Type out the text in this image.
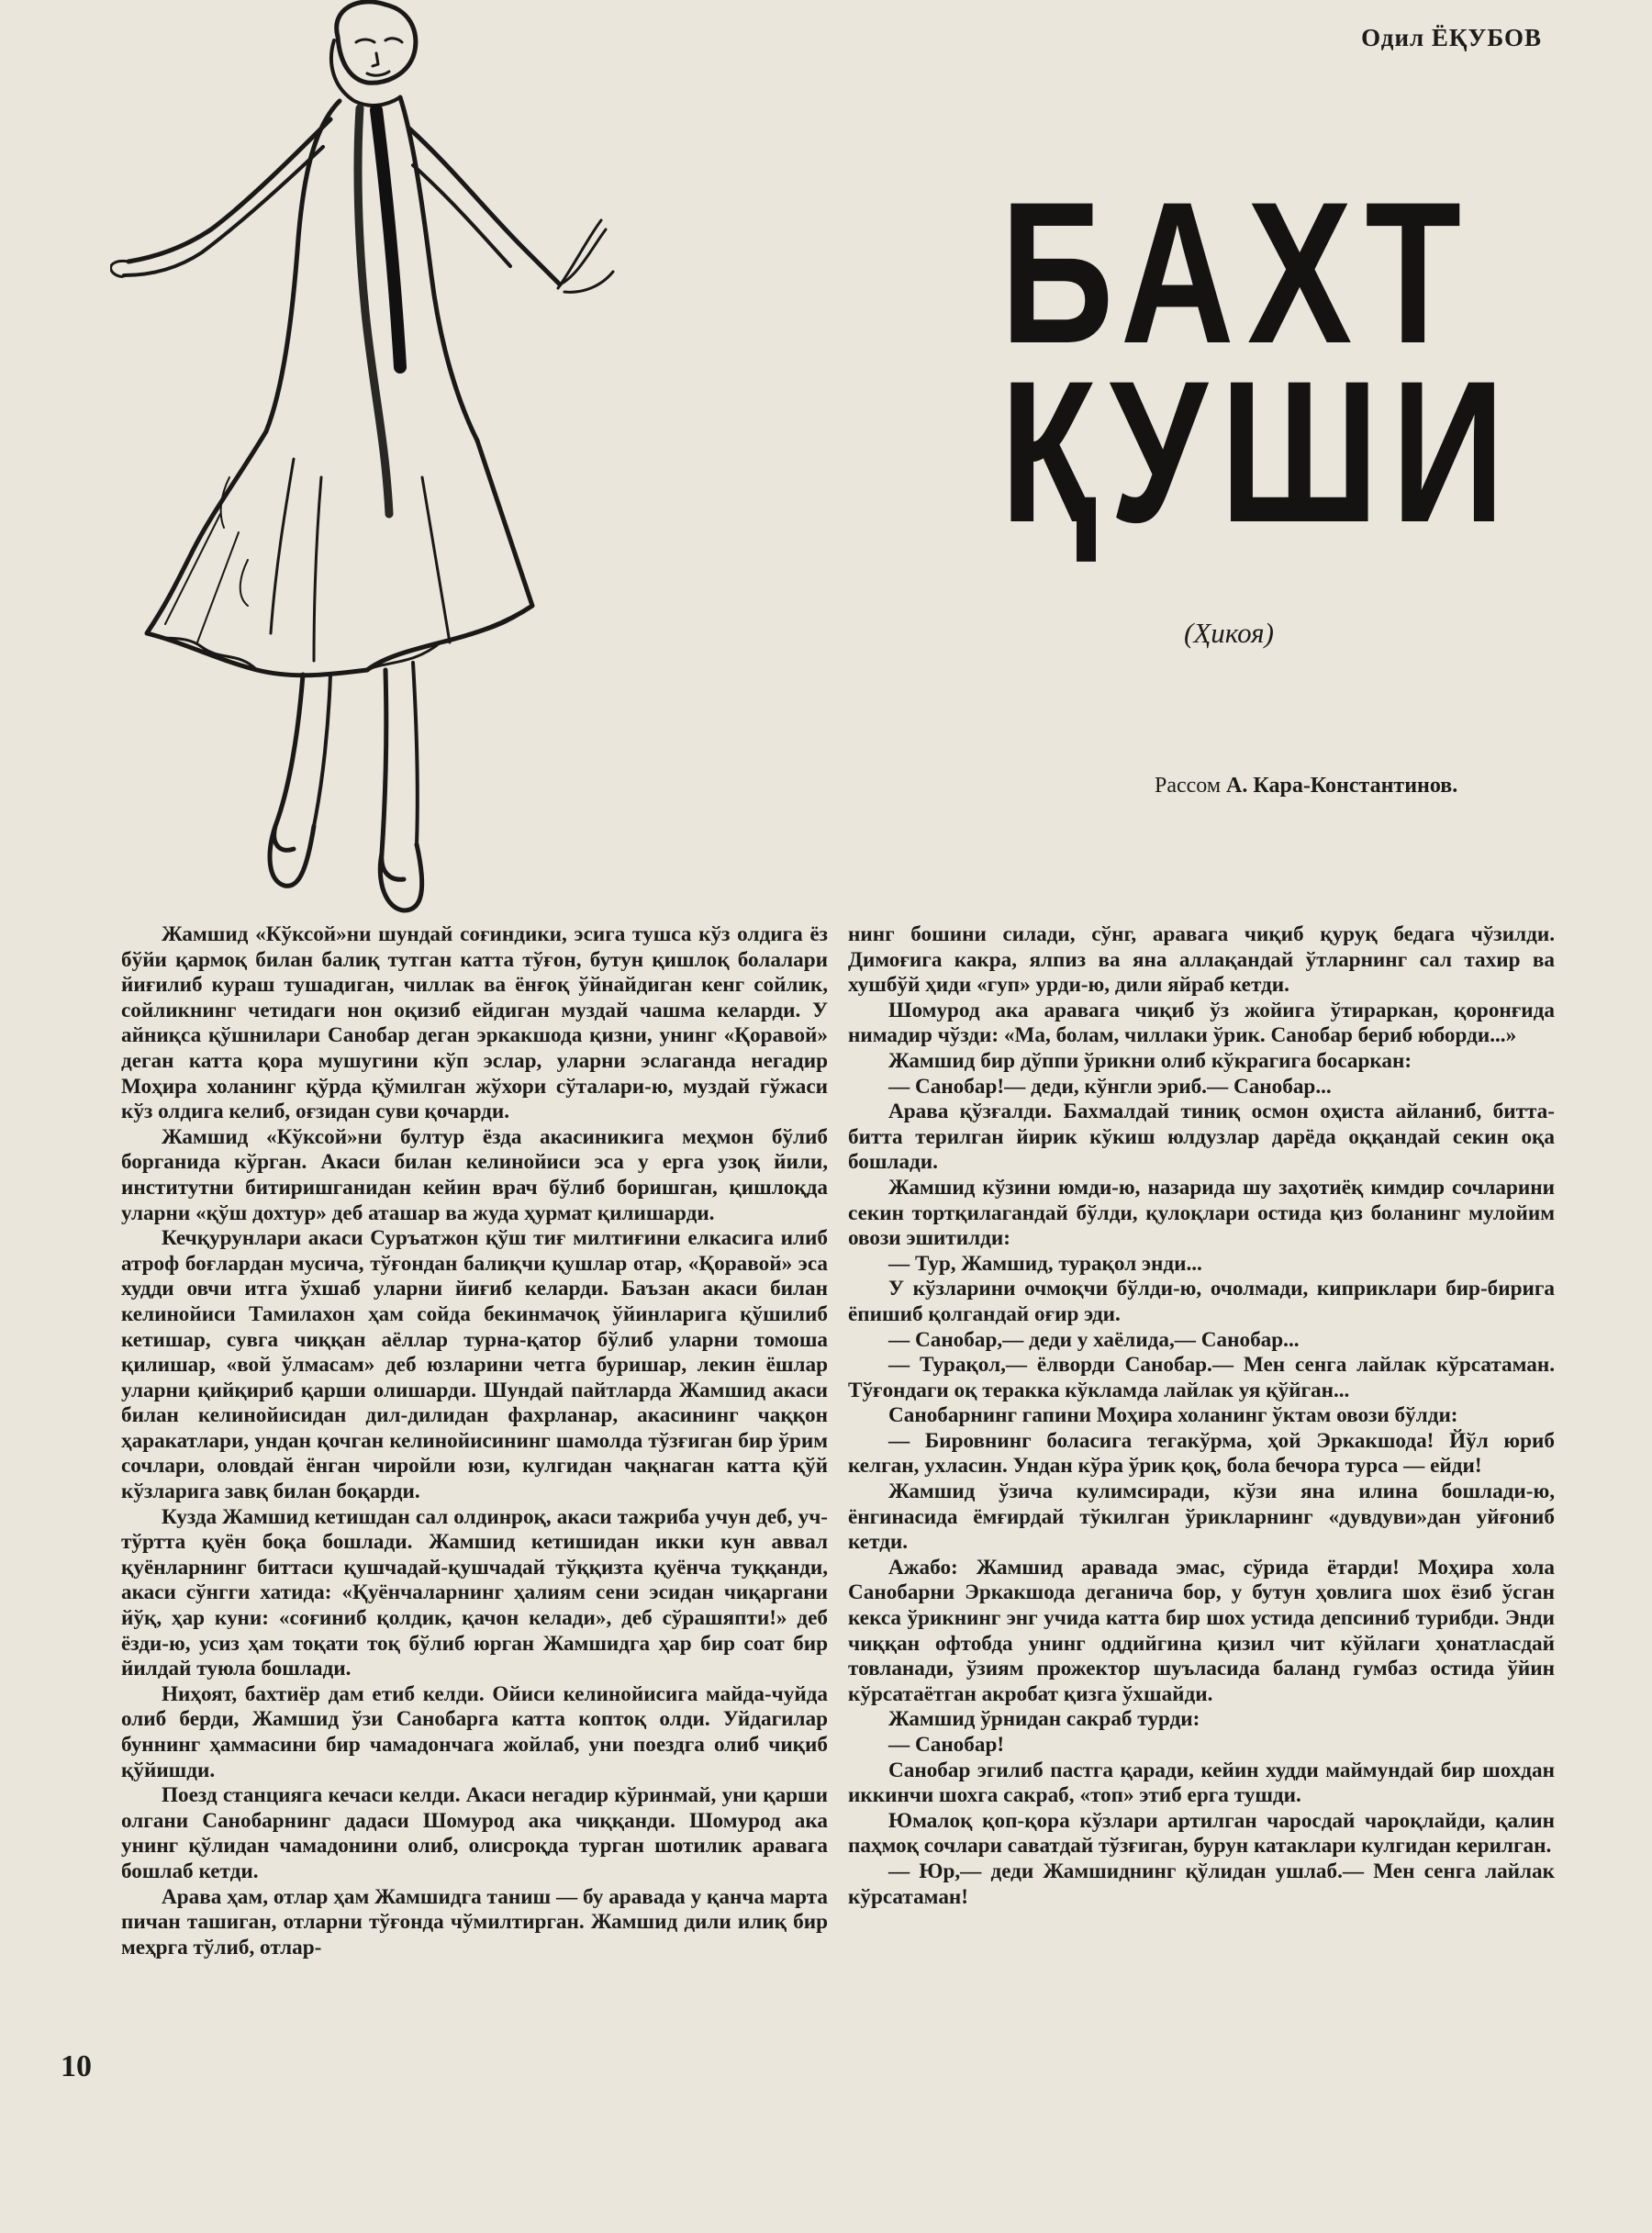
Одил ЁҚУБОВ
БАХТ
ҚУШИ
(Ҳикоя)
Рассом А. Кара-Константинов.

Жамшид «Кўксой»ни шундай соғиндики, эсига тушса кўз олдига ёз бўйи қармоқ билан балиқ тутган катта тўғон, бутун қишлоқ болалари йиғилиб кураш тушадиган, чиллак ва ёнғоқ ўйнайдиган кенг сойлик, сойликнинг четидаги нон оқизиб ейдиган муздай чашма келарди. У айниқса қўшнилари Санобар деган эркакшода қизни, унинг «Қоравой» деган катта қора мушугини кўп эслар, уларни эслаганда негадир Моҳира холанинг қўрда қўмилган жўхори сўталари-ю, муздай гўжаси кўз олдига келиб, оғзидан суви қочарди.

Жамшид «Кўксой»ни бултур ёзда акасиникига меҳмон бўлиб борганида кўрган. Акаси билан келинойиси эса у ерга узоқ йили, институтни битиришганидан кейин врач бўлиб боришган, қишлоқда уларни «қўш дохтур» деб аташар ва жуда ҳурмат қилишарди.

Кечқурунлари акаси Суръатжон қўш тиғ милтиғини елкасига илиб атроф боғлардан мусича, тўғондан балиқчи қушлар отар, «Қоравой» эса худди овчи итга ўхшаб уларни йиғиб келарди. Баъзан акаси билан келинойиси Тамилахон ҳам сойда бекинмачоқ ўйинларига қўшилиб кетишар, сувга чиққан аёллар турна-қатор бўлиб уларни томоша қилишар, «вой ўлмасам» деб юзларини четга буришар, лекин ёшлар уларни қийқириб қарши олишарди. Шундай пайтларда Жамшид акаси билан келинойисидан дил-дилидан фахрланар, акасининг чаққон ҳаракатлари, ундан қочган келинойисининг шамолда тўзғиган бир ўрим сочлари, оловдай ёнган чиройли юзи, кулгидан чақнаган катта қўй кўзларига завқ билан боқарди.

Кузда Жамшид кетишдан сал олдинроқ, акаси тажриба учун деб, уч-тўртта қуён боқа бошлади. Жамшид кетишидан икки кун аввал қуёнларнинг биттаси қушчадай-қушчадай тўққизта қуёнча туққанди, акаси сўнгги хатида: «Қуёнчаларнинг ҳалиям сени эсидан чиқаргани йўқ, ҳар куни: «соғиниб қолдик, қачон келади», деб сўрашяпти!» деб ёзди-ю, усиз ҳам тоқати тоқ бўлиб юрган Жамшидга ҳар бир соат бир йилдай туюла бошлади.

Ниҳоят, бахтиёр дам етиб келди. Ойиси келинойисига майда-чуйда олиб берди, Жамшид ўзи Санобарга катта коптоқ олди. Уйдагилар буннинг ҳаммасини бир чамадончага жойлаб, уни поездга олиб чиқиб қўйишди.

Поезд станцияга кечаси келди. Акаси негадир кўринмай, уни қарши олгани Санобарнинг дадаси Шомурод ака чиққанди. Шомурод ака унинг қўлидан чамадонини олиб, олисроқда турган шотилик аравага бошлаб кетди.

Арава ҳам, отлар ҳам Жамшидга таниш — бу аравада у қанча марта пичан ташиган, отларни тўғонда чўмилтирган. Жамшид дили илиқ бир меҳрга тўлиб, отлар-

нинг бошини силади, сўнг, аравага чиқиб қуруқ бедага чўзилди. Димоғига какра, ялпиз ва яна аллақандай ўтларнинг сал тахир ва хушбўй ҳиди «гуп» урди-ю, дили яйраб кетди.

Шомурод ака аравага чиқиб ўз жойига ўтираркан, қоронғида нимадир чўзди: «Ма, болам, чиллаки ўрик. Санобар бериб юборди...»

Жамшид бир дўппи ўрикни олиб кўкрагига босаркан:

— Санобар!— деди, кўнгли эриб.— Санобар...

Арава қўзғалди. Бахмалдай тиниқ осмон оҳиста айланиб, битта-битта терилган йирик кўкиш юлдузлар дарёда оққандай секин оқа бошлади.

Жамшид кўзини юмди-ю, назарида шу заҳотиёқ кимдир сочларини секин тортқилагандай бўлди, қулоқлари остида қиз боланинг мулойим овози эшитилди:

— Тур, Жамшид, турақол энди...

У кўзларини очмоқчи бўлди-ю, очолмади, киприклари бир-бирига ёпишиб қолгандай оғир эди.

— Санобар,— деди у хаёлида,— Санобар...

— Турақол,— ёлворди Санобар.— Мен сенга лайлак кўрсатаман. Тўғондаги оқ теракка кўкламда лайлак уя қўйган...

Санобарнинг гапини Моҳира холанинг ўктам овози бўлди:

— Бировнинг боласига тегакўрма, ҳой Эркакшода! Йўл юриб келган, ухласин. Ундан кўра ўрик қоқ, бола бечора турса — ейди!

Жамшид ўзича кулимсиради, кўзи яна илина бошлади-ю, ёнгинасида ёмғирдай тўкилган ўрикларнинг «дувдуви»дан уйғониб кетди.

Ажабо: Жамшид аравада эмас, сўрида ётарди! Моҳира хола Санобарни Эркакшода деганича бор, у бутун ҳовлига шох ёзиб ўсган кекса ўрикнинг энг учида катта бир шох устида депсиниб турибди. Энди чиққан офтобда унинг оддийгина қизил чит кўйлаги ҳонатласдай товланади, ўзиям прожектор шуъласида баланд гумбаз остида ўйин кўрсатаётган акробат қизга ўхшайди.

Жамшид ўрнидан сакраб турди:

— Санобар!

Санобар эгилиб пастга қаради, кейин худди маймундай бир шохдан иккинчи шохга сакраб, «топ» этиб ерга тушди.

Юмалоқ қоп-қора кўзлари артилган чаросдай чароқлайди, қалин паҳмоқ сочлари саватдай тўзғиган, бурун катаклари кулгидан керилган.

— Юр,— деди Жамшиднинг қўлидан ушлаб.— Мен сенга лайлак кўрсатаман!

10
